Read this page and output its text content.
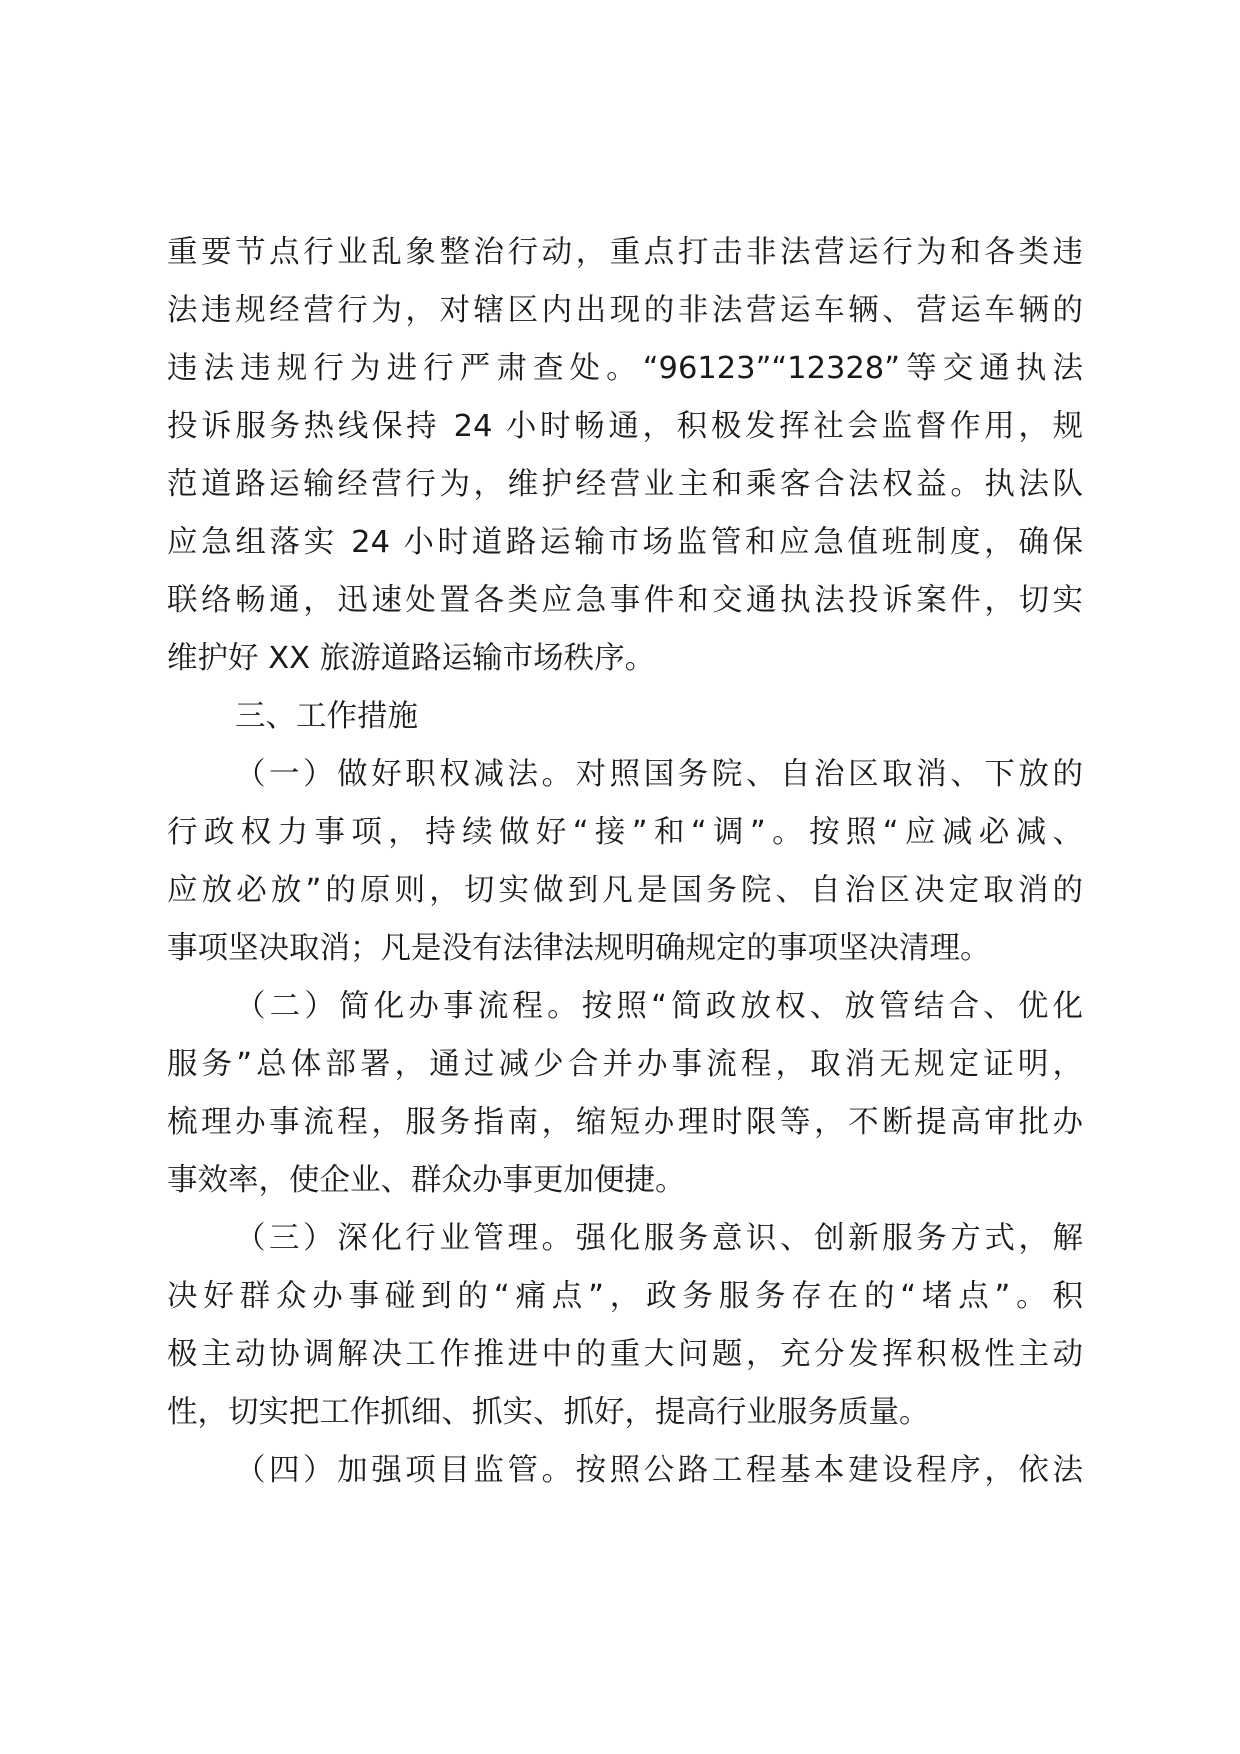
重要节点行业乱象整治行动，重点打击非法营运行为和各类违
法违规经营行为，对辖区内出现的非法营运车辆、营运车辆的
违法违规行为进行严肃查处。“96123”“12328”等交通执法
投诉服务热线保持 24 小时畅通，积极发挥社会监督作用，规
范道路运输经营行为，维护经营业主和乘客合法权益。执法队
应急组落实 24 小时道路运输市场监管和应急值班制度，确保
联络畅通，迅速处置各类应急事件和交通执法投诉案件，切实
维护好 XX 旅游道路运输市场秩序。
三、工作措施
（一）做好职权减法。对照国务院、自治区取消、下放的
行政权力事项，持续做好“接”和“调”。按照“应减必减、
应放必放”的原则，切实做到凡是国务院、自治区决定取消的
事项坚决取消；凡是没有法律法规明确规定的事项坚决清理。
（二）简化办事流程。按照“简政放权、放管结合、优化
服务”总体部署，通过减少合并办事流程，取消无规定证明，
梳理办事流程，服务指南，缩短办理时限等，不断提高审批办
事效率，使企业、群众办事更加便捷。
（三）深化行业管理。强化服务意识、创新服务方式，解
决好群众办事碰到的“痛点”，政务服务存在的“堵点”。积
极主动协调解决工作推进中的重大问题，充分发挥积极性主动
性，切实把工作抓细、抓实、抓好，提高行业服务质量。
（四）加强项目监管。按照公路工程基本建设程序，依法
